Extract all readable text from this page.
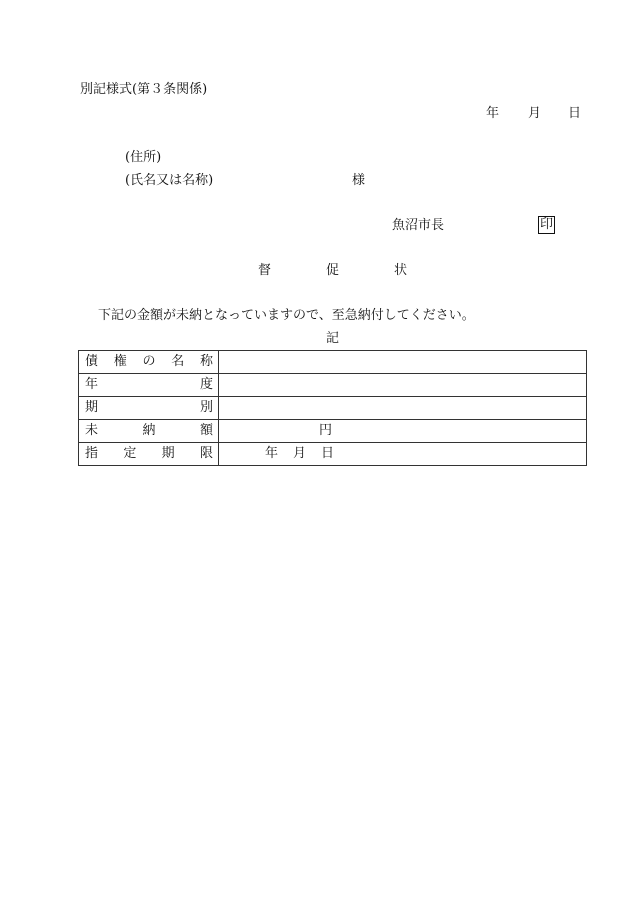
別記様式(第３条関係)
年 月 日
(住所)
(氏名又は名称)	様
魚沼市長	印
督	促	状
下記の金額が未納となっていますので、至急納付してください。
記
債 権 の 名 称	

年 度	

期 別	

未 納 額	円

指 定 期 限	年 月 日
